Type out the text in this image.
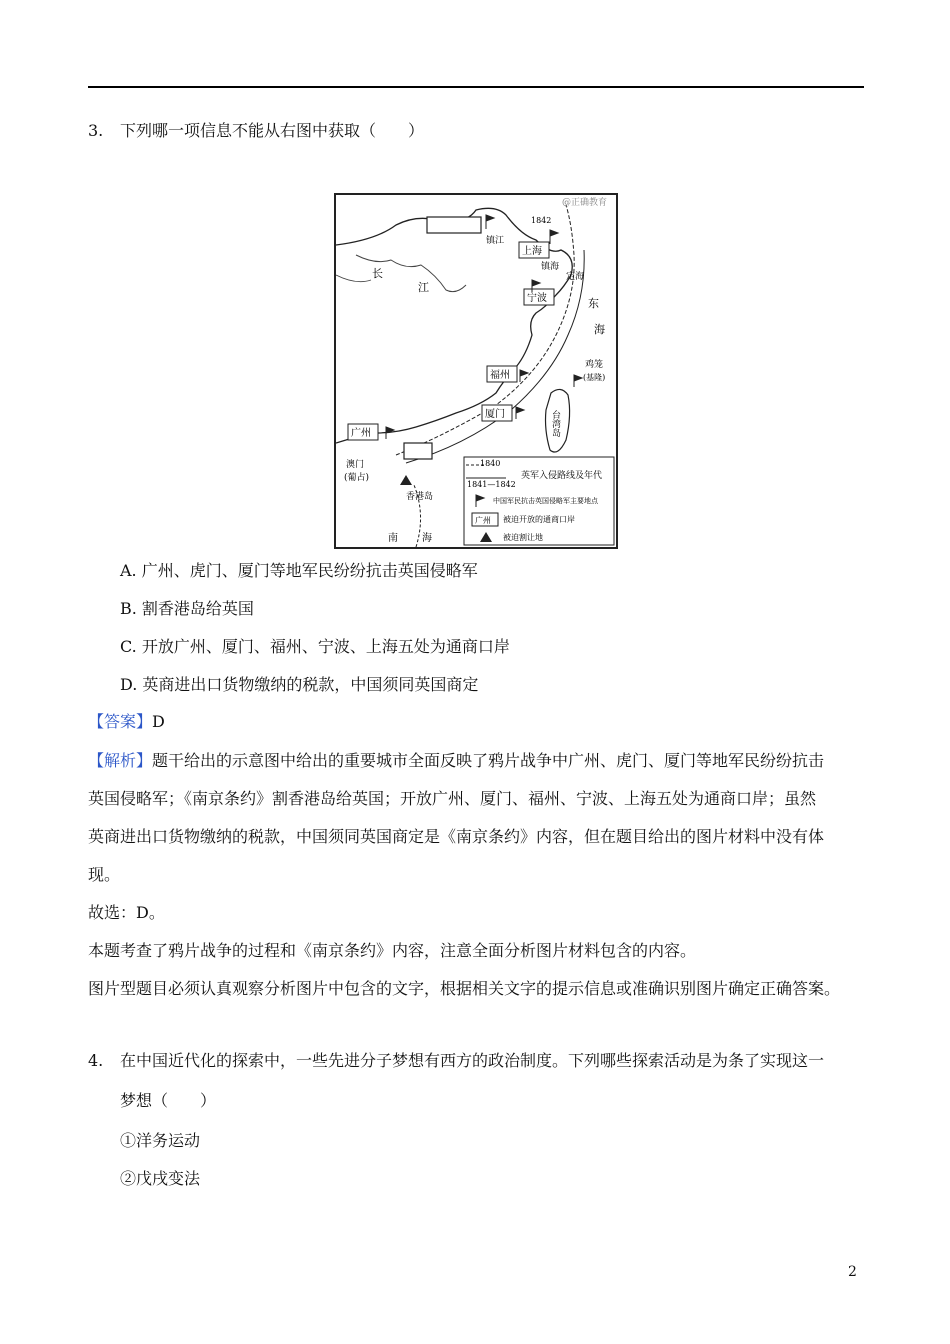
3. 下列哪一项信息不能从右图中获取（　　）
上海
宁波
福州
厦门
广州
镇江
镇海
定海
香港岛
澳门
(葡占)
台湾岛
鸡笼
(基隆)
东
海
长
江
南 海
1842
@正确教育
1840
1841—1842
英军入侵路线及年代
中国军民抗击英国侵略军主要地点
广州 被迫开放的通商口岸
被迫割让地
A. 广州、虎门、厦门等地军民纷纷抗击英国侵略军
B. 割香港岛给英国
C. 开放广州、厦门、福州、宁波、上海五处为通商口岸
D. 英商进出口货物缴纳的税款，中国须同英国商定
【答案】D
【解析】题干给出的示意图中给出的重要城市全面反映了鸦片战争中广州、虎门、厦门等地军民纷纷抗击
英国侵略军；《南京条约》割香港岛给英国；开放广州、厦门、福州、宁波、上海五处为通商口岸；虽然
英商进出口货物缴纳的税款，中国须同英国商定是《南京条约》内容，但在题目给出的图片材料中没有体
现。
故选：D。
本题考查了鸦片战争的过程和《南京条约》内容，注意全面分析图片材料包含的内容。
图片型题目必须认真观察分析图片中包含的文字，根据相关文字的提示信息或准确识别图片确定正确答案。
4. 在中国近代化的探索中，一些先进分子梦想有西方的政治制度。下列哪些探索活动是为条了实现这一
梦想（　　）
①洋务运动
②戊戌变法
2
